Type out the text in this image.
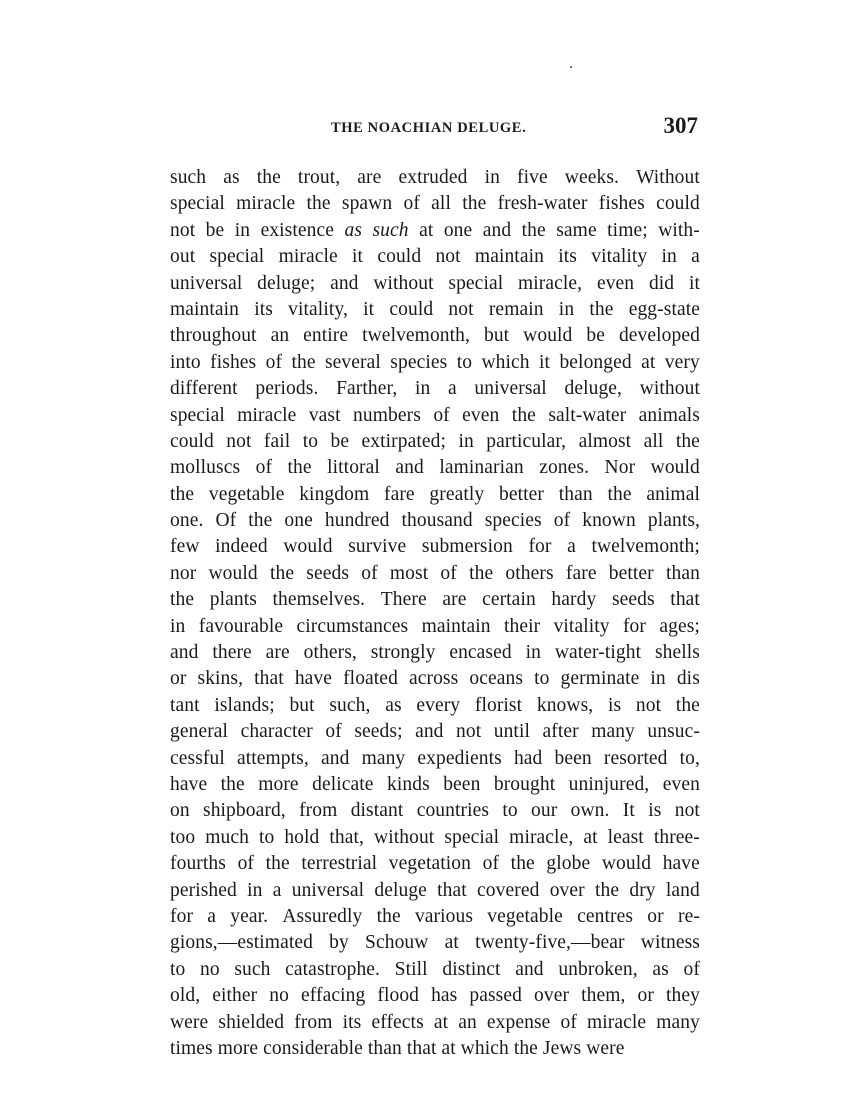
THE NOACHIAN DELUGE.	307
such as the trout, are extruded in five weeks. Without
special miracle the spawn of all the fresh-water fishes could
not be in existence as such at one and the same time; with-
out special miracle it could not maintain its vitality in a
universal deluge; and without special miracle, even did it
maintain its vitality, it could not remain in the egg-state
throughout an entire twelvemonth, but would be developed
into fishes of the several species to which it belonged at very
different periods. Farther, in a universal deluge, without
special miracle vast numbers of even the salt-water animals
could not fail to be extirpated; in particular, almost all the
molluscs of the littoral and laminarian zones. Nor would
the vegetable kingdom fare greatly better than the animal
one. Of the one hundred thousand species of known plants,
few indeed would survive submersion for a twelvemonth;
nor would the seeds of most of the others fare better than
the plants themselves. There are certain hardy seeds that
in favourable circumstances maintain their vitality for ages;
and there are others, strongly encased in water-tight shells
or skins, that have floated across oceans to germinate in dis
tant islands; but such, as every florist knows, is not the
general character of seeds; and not until after many unsuc-
cessful attempts, and many expedients had been resorted to,
have the more delicate kinds been brought uninjured, even
on shipboard, from distant countries to our own. It is not
too much to hold that, without special miracle, at least three-
fourths of the terrestrial vegetation of the globe would have
perished in a universal deluge that covered over the dry land
for a year. Assuredly the various vegetable centres or re-
gions,—estimated by Schouw at twenty-five,—bear witness
to no such catastrophe. Still distinct and unbroken, as of
old, either no effacing flood has passed over them, or they
were shielded from its effects at an expense of miracle many
times more considerable than that at which the Jews were
